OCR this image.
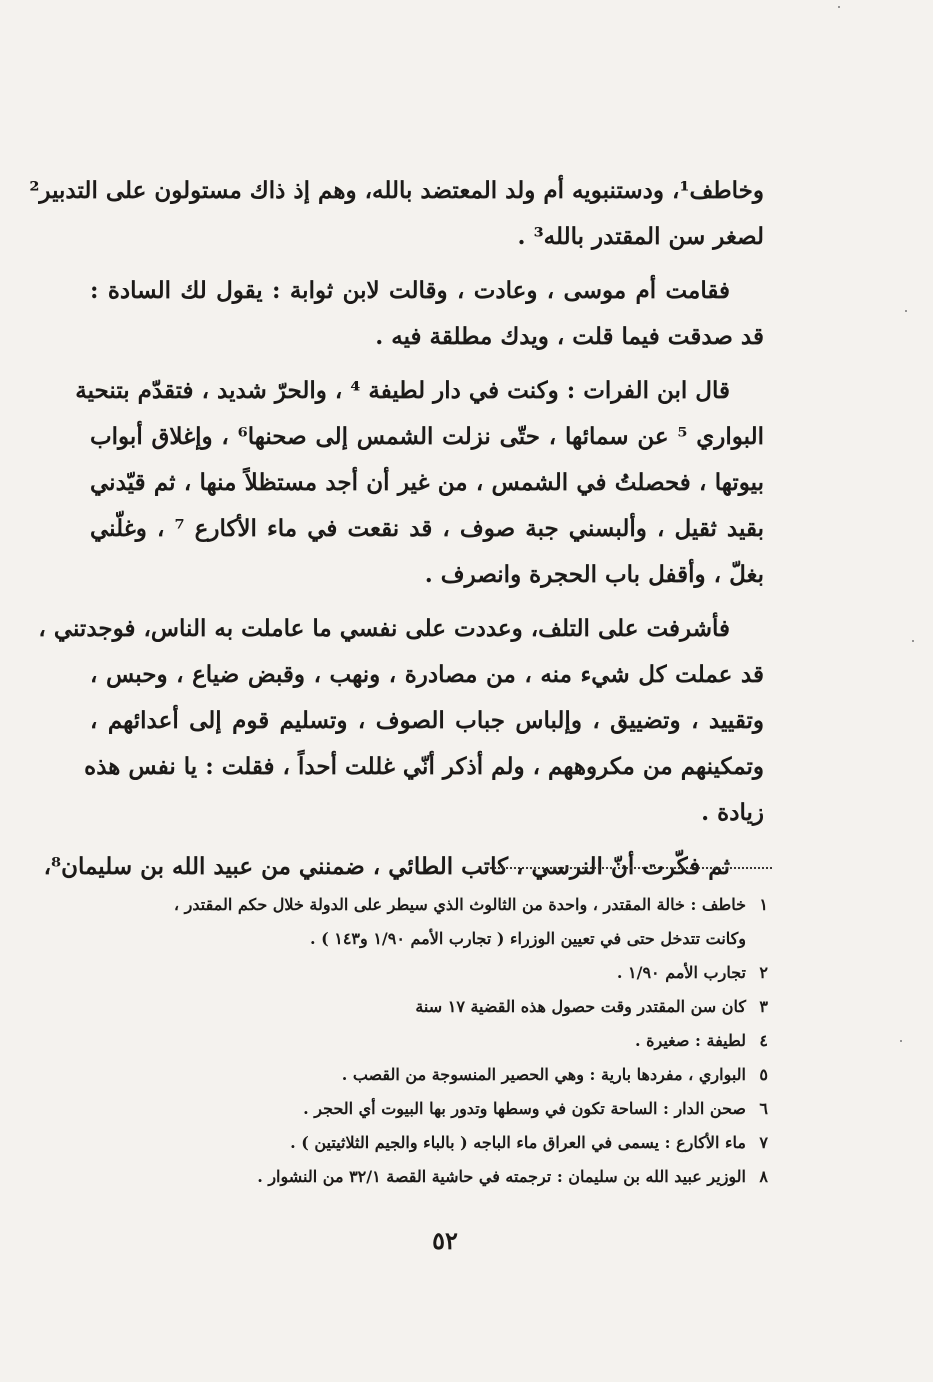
وخاطف¹، ودستنبويه أم ولد المعتضد بالله، وهم إذ ذاك مستولون على التدبير²
لصغر سن المقتدر بالله³ .
فقامت أم موسى ، وعادت ، وقالت لابن ثوابة : يقول لك السادة :
قد صدقت فيما قلت ، ويدك مطلقة فيه .
قال ابن الفرات : وكنت في دار لطيفة ⁴ ، والحرّ شديد ، فتقدّم بتنحية
البواري ⁵ عن سمائها ، حتّى نزلت الشمس إلى صحنها⁶ ، وإغلاق أبواب
بيوتها ، فحصلتُ في الشمس ، من غير أن أجد مستظلاً منها ، ثم قيّدني
بقيد ثقيل ، وألبسني جبة صوف ، قد نقعت في ماء الأكارع ⁷ ، وغلّني
بغلّ ، وأقفل باب الحجرة وانصرف .
فأشرفت على التلف، وعددت على نفسي ما عاملت به الناس، فوجدتني ،
قد عملت كل شيء منه ، من مصادرة ، ونهب ، وقبض ضياع ، وحبس ،
وتقييد ، وتضييق ، وإلباس جباب الصوف ، وتسليم قوم إلى أعدائهم ،
وتمكينهم من مكروههم ، ولم أذكر أنّي غللت أحداً ، فقلت : يا نفس هذه
زيادة .
ثم فكّرت أنّ النرسي ، كاتب الطائي ، ضمنني من عبيد الله بن سليمان⁸،
١خاطف : خالة المقتدر ، واحدة من الثالوث الذي سيطر على الدولة خلال حكم المقتدر ،
وكانت تتدخل حتى في تعيين الوزراء ( تجارب الأمم ١/٩٠ و١٤٣ ) .
٢تجارب الأمم ١/٩٠ .
٣كان سن المقتدر وقت حصول هذه القضية ١٧ سنة
٤لطيفة : صغيرة .
٥البواري ، مفردها بارية : وهي الحصير المنسوجة من القصب .
٦صحن الدار : الساحة تكون في وسطها وتدور بها البيوت أي الحجر .
٧ماء الأكارع : يسمى في العراق ماء الباجه ( بالباء والجيم الثلاثيتين ) .
٨الوزير عبيد الله بن سليمان : ترجمته في حاشية القصة ٣٢/١ من النشوار .
٥٢
